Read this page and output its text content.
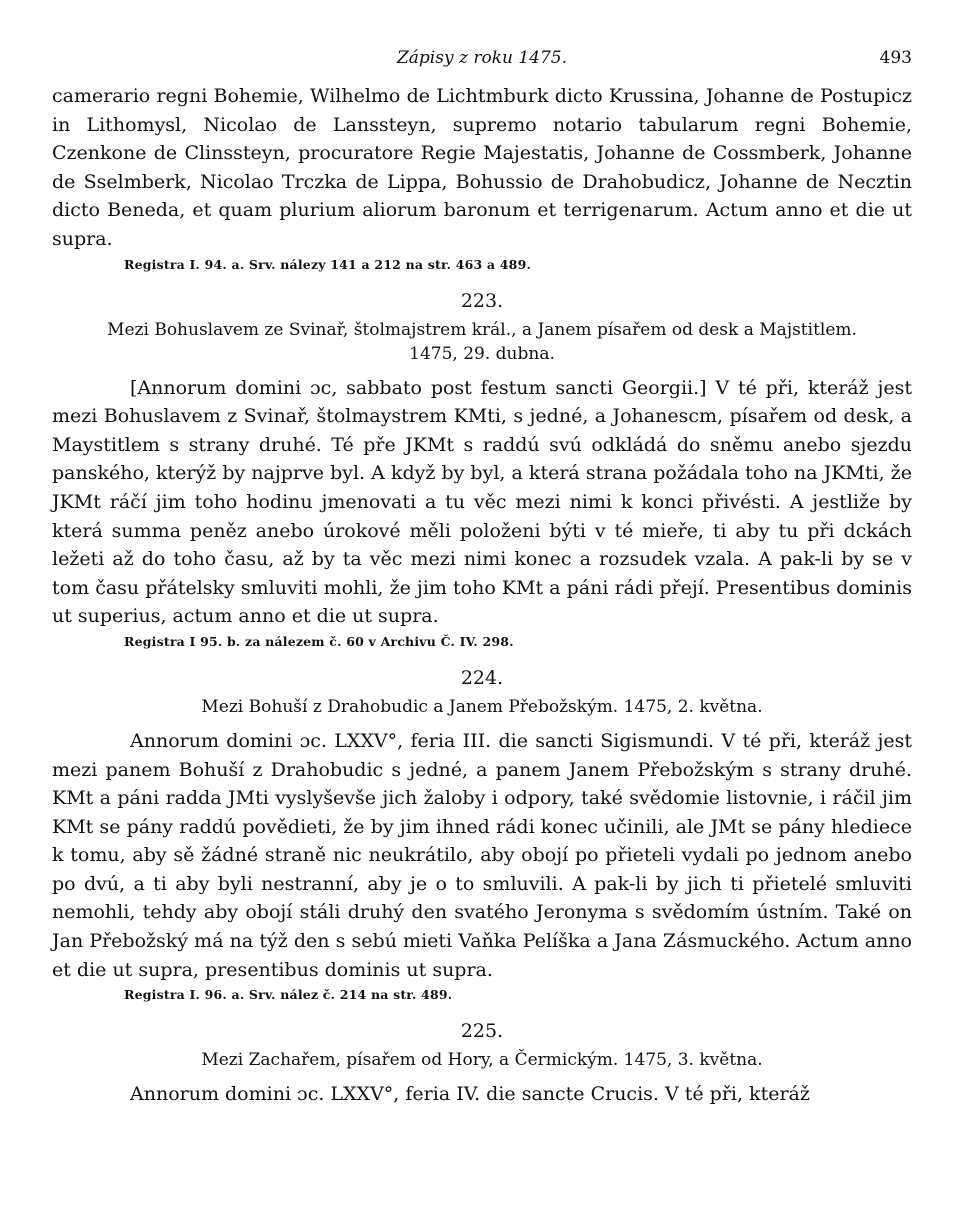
Zápisy z roku 1475.	493

camerario regni Bohemie, Wilhelmo de Lichtmburk dicto Krussina, Johanne de Postupicz in Lithomysl, Nicolao de Lanssteyn, supremo notario tabularum regni Bohemie, Czenkone de Clinssteyn, procuratore Regie Majestatis, Johanne de Cossmberk, Johanne de Sselmberk, Nicolao Trczka de Lippa, Bohussio de Drahobudicz, Johanne de Necztin dicto Beneda, et quam plurium aliorum baronum et terrigenarum. Actum anno et die ut supra.

Registra I. 94. a. Srv. nálezy 141 a 212 na str. 463 a 489.
223.
Mezi Bohuslavem ze Svinař, štolmajstrem král., a Janem písařem od desk a Majstitlem. 1475, 29. dubna.

[Annorum domini ɔc, sabbato post festum sancti Georgii.] V té při, kteráž jest mezi Bohuslavem z Svinař, štolmaystrem KMti, s jedné, a Johanescm, písařem od desk, a Maystitlem s strany druhé. Té pře JKMt s raddú svú odkládá do sněmu anebo sjezdu panského, kterýž by najprve byl. A když by byl, a která strana požádala toho na JKMti, že JKMt ráčí jim toho hodinu jmenovati a tu věc mezi nimi k konci přivésti. A jestliže by která summa peněz anebo úrokové měli položeni býti v té mieře, ti aby tu při dckách ležeti až do toho času, až by ta věc mezi nimi konec a rozsudek vzala. A pak-li by se v tom času přátelsky smluviti mohli, že jim toho KMt a páni rádi přejí. Presentibus dominis ut superius, actum anno et die ut supra.

Registra I 95. b. za nálezem č. 60 v Archivu Č. IV. 298.
224.
Mezi Bohuší z Drahobudic a Janem Přebožským. 1475, 2. května.

Annorum domini ɔc. LXXV°, feria III. die sancti Sigismundi. V té při, kteráž jest mezi panem Bohuší z Drahobudic s jedné, a panem Janem Přebožským s strany druhé. KMt a páni radda JMti vyslyševše jich žaloby i odpory, také svědomie listovnie, i ráčil jim KMt se pány raddú povědieti, že by jim ihned rádi konec učinili, ale JMt se pány hlediece k tomu, aby sě žádné straně nic neukrátilo, aby obojí po přieteli vydali po jednom anebo po dvú, a ti aby byli nestranní, aby je o to smluvili. A pak-li by jich ti přietelé smluviti nemohli, tehdy aby obojí stáli druhý den svatého Jeronyma s svědomím ústním. Také on Jan Přebožský má na týž den s sebú mieti Vaňka Pelíška a Jana Zásmuckého. Actum anno et die ut supra, presentibus dominis ut supra.

Registra I. 96. a. Srv. nález č. 214 na str. 489.
225.
Mezi Zachařem, písařem od Hory, a Čermickým. 1475, 3. května.

Annorum domini ɔc. LXXV°, feria IV. die sancte Crucis. V té při, kteráž
